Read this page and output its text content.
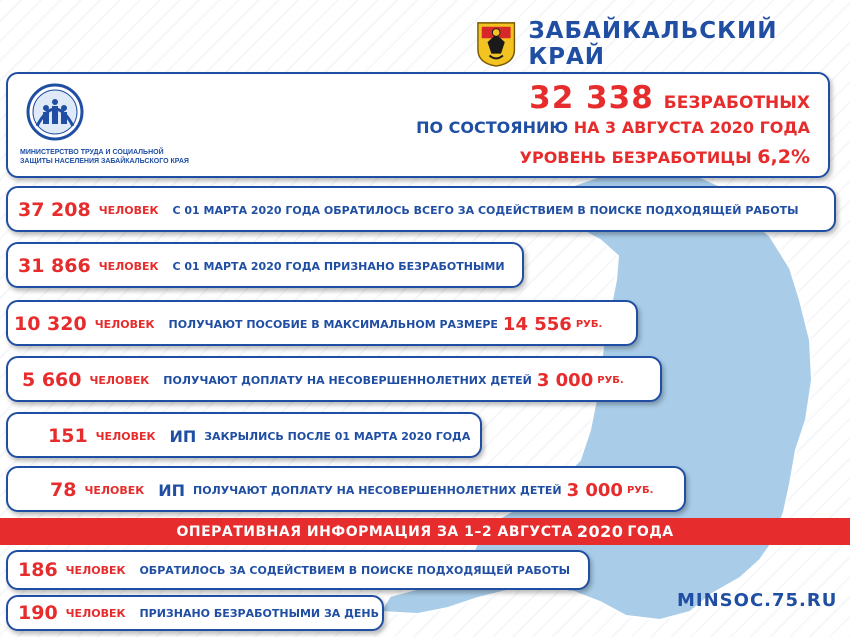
ЗАБАЙКАЛЬСКИЙ КРАЙ
МИНИСТЕРСТВО ТРУДА И СОЦИАЛЬНОЙ
ЗАЩИТЫ НАСЕЛЕНИЯ ЗАБАЙКАЛЬСКОГО КРАЯ
32 338 БЕЗРАБОТНЫХ
ПО СОСТОЯНИЮ НА 3 АВГУСТА 2020 ГОДА
УРОВЕНЬ БЕЗРАБОТИЦЫ 6,2%
37 208 ЧЕЛОВЕК С 01 МАРТА 2020 ГОДА ОБРАТИЛОСЬ ВСЕГО ЗА СОДЕЙСТВИЕМ В ПОИСКЕ ПОДХОДЯЩЕЙ РАБОТЫ
31 866 ЧЕЛОВЕК С 01 МАРТА 2020 ГОДА ПРИЗНАНО БЕЗРАБОТНЫМИ
10 320 ЧЕЛОВЕК ПОЛУЧАЮТ ПОСОБИЕ В МАКСИМАЛЬНОМ РАЗМЕРЕ 14 556 РУБ.
5 660 ЧЕЛОВЕК ПОЛУЧАЮТ ДОПЛАТУ НА НЕСОВЕРШЕННОЛЕТНИХ ДЕТЕЙ 3 000 РУБ.
151 ЧЕЛОВЕК ИП ЗАКРЫЛИСЬ ПОСЛЕ 01 МАРТА 2020 ГОДА
78 ЧЕЛОВЕК ИП ПОЛУЧАЮТ ДОПЛАТУ НА НЕСОВЕРШЕННОЛЕТНИХ ДЕТЕЙ 3 000 РУБ.
ОПЕРАТИВНАЯ ИНФОРМАЦИЯ ЗА 1–2 АВГУСТА 2020 ГОДА
186 ЧЕЛОВЕК ОБРАТИЛОСЬ ЗА СОДЕЙСТВИЕМ В ПОИСКЕ ПОДХОДЯЩЕЙ РАБОТЫ
190 ЧЕЛОВЕК ПРИЗНАНО БЕЗРАБОТНЫМИ ЗА ДЕНЬ
MINSOC.75.RU
